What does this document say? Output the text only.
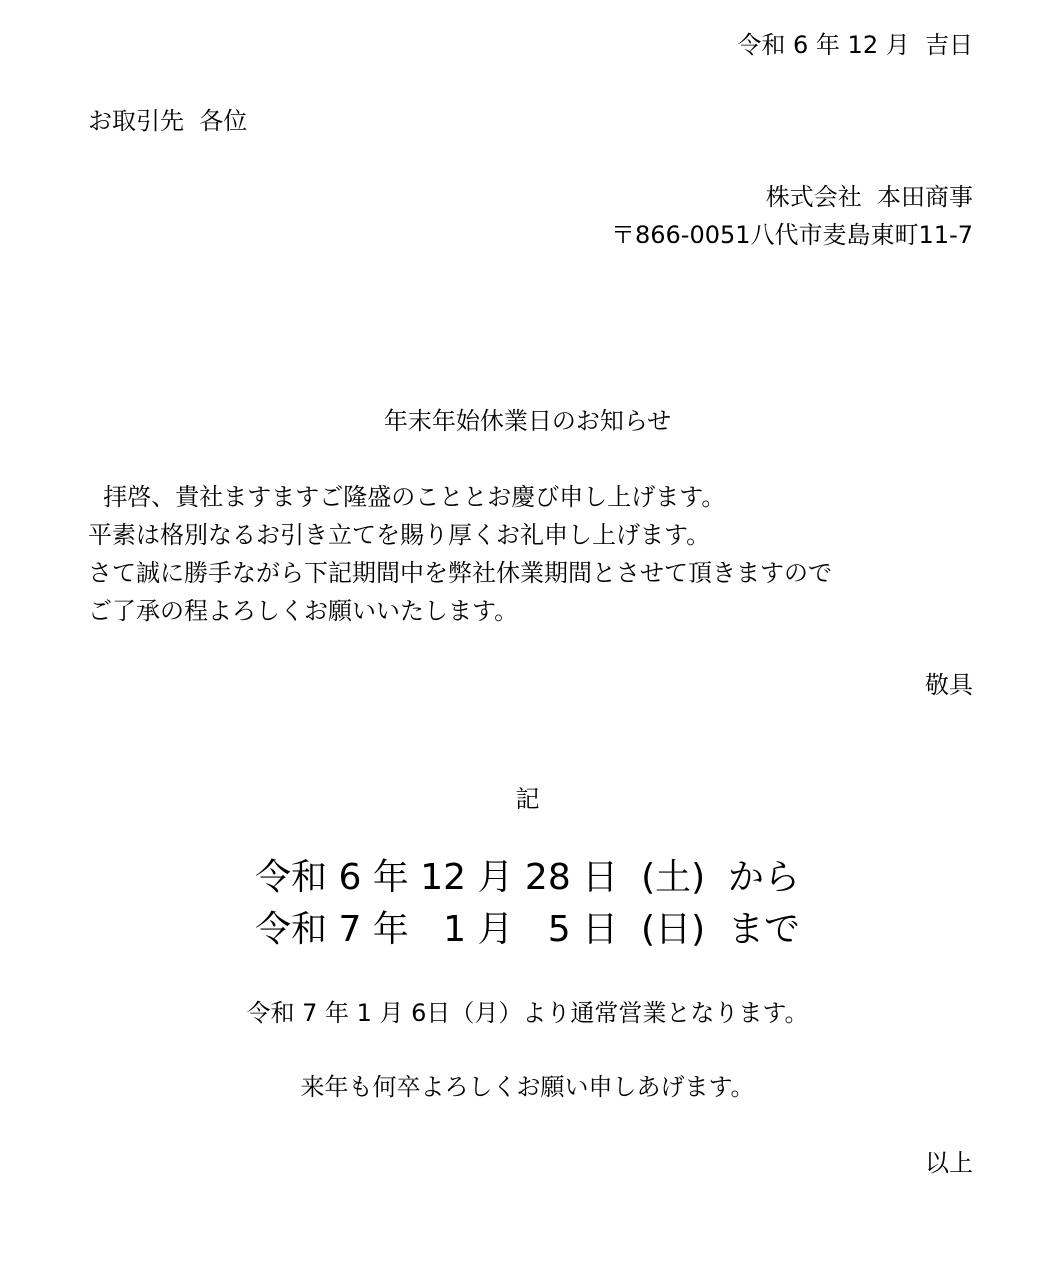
令和 6 年 12 月  吉日

お取引先  各位

株式会社  本田商事

〒866-0051八代市麦島東町11-7

年末年始休業日のお知らせ

拝啓、貴社ますますご隆盛のこととお慶び申し上げます。

平素は格別なるお引き立てを賜り厚くお礼申し上げます。

さて誠に勝手ながら下記期間中を弊社休業期間とさせて頂きますので

ご了承の程よろしくお願いいたします。

敬具

記

令和 6 年 12 月 28 日  (土)  から

令和 7 年   1 月   5 日  (日)  まで

令和 7 年 1 月 6日（月）より通常営業となります。

来年も何卒よろしくお願い申しあげます。

以上
